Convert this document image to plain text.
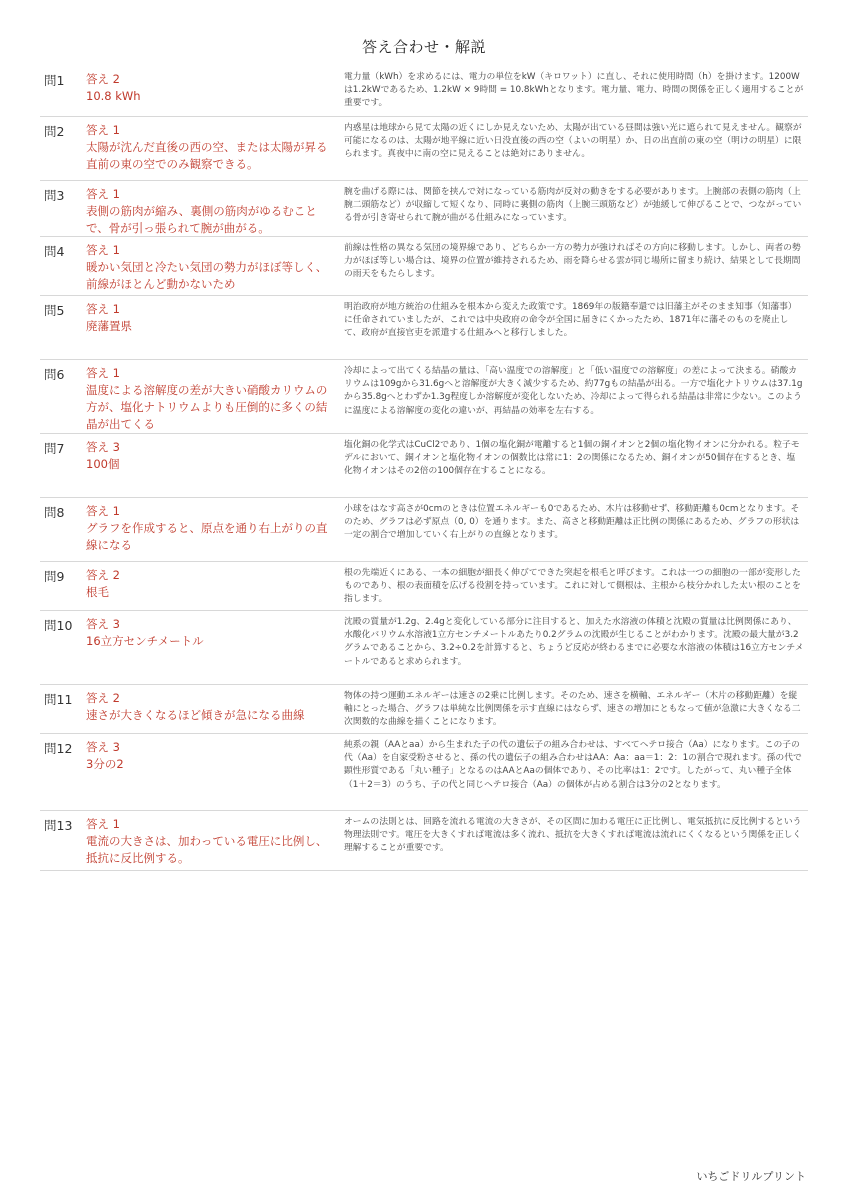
答え合わせ・解説
問1	答え 2
10.8 kWh
電力量（kWh）を求めるには、電力の単位をkW（キロワット）に直し、それに使用時間（h）を掛けます。1200Wは1.2kWであるため、1.2kW × 9時間 = 10.8kWhとなります。電力量、電力、時間の関係を正しく適用することが重要です。
問2	答え 1
太陽が沈んだ直後の西の空、または太陽が昇る直前の東の空でのみ観察できる。
内惑星は地球から見て太陽の近くにしか見えないため、太陽が出ている昼間は強い光に遮られて見えません。観察が可能になるのは、太陽が地平線に近い日没直後の西の空（よいの明星）か、日の出直前の東の空（明けの明星）に限られます。真夜中に南の空に見えることは絶対にありません。
問3	答え 1
表側の筋肉が縮み、裏側の筋肉がゆるむことで、骨が引っ張られて腕が曲がる。
腕を曲げる際には、関節を挟んで対になっている筋肉が反対の動きをする必要があります。上腕部の表側の筋肉（上腕二頭筋など）が収縮して短くなり、同時に裏側の筋肉（上腕三頭筋など）が弛緩して伸びることで、つながっている骨が引き寄せられて腕が曲がる仕組みになっています。
問4	答え 1
暖かい気団と冷たい気団の勢力がほぼ等しく、前線がほとんど動かないため
前線は性格の異なる気団の境界線であり、どちらか一方の勢力が強ければその方向に移動します。しかし、両者の勢力がほぼ等しい場合は、境界の位置が維持されるため、雨を降らせる雲が同じ場所に留まり続け、結果として長期間の雨天をもたらします。
問5	答え 1
廃藩置県
明治政府が地方統治の仕組みを根本から変えた政策です。1869年の版籍奉還では旧藩主がそのまま知事（知藩事）に任命されていましたが、これでは中央政府の命令が全国に届きにくかったため、1871年に藩そのものを廃止して、政府が直接官吏を派遣する仕組みへと移行しました。
問6	答え 1
温度による溶解度の差が大きい硝酸カリウムの方が、塩化ナトリウムよりも圧倒的に多くの結晶が出てくる
冷却によって出てくる結晶の量は、「高い温度での溶解度」と「低い温度での溶解度」の差によって決まる。硝酸カリウムは109gから31.6gへと溶解度が大きく減少するため、約77gもの結晶が出る。一方で塩化ナトリウムは37.1gから35.8gへとわずか1.3g程度しか溶解度が変化しないため、冷却によって得られる結晶は非常に少ない。このように温度による溶解度の変化の違いが、再結晶の効率を左右する。
問7	答え 3
100個
塩化銅の化学式はCuCl2であり、1個の塩化銅が電離すると1個の銅イオンと2個の塩化物イオンに分かれる。粒子モデルにおいて、銅イオンと塩化物イオンの個数比は常に1：2の関係になるため、銅イオンが50個存在するとき、塩化物イオンはその2倍の100個存在することになる。
問8	答え 1
グラフを作成すると、原点を通り右上がりの直線になる
小球をはなす高さが0cmのときは位置エネルギーも0であるため、木片は移動せず、移動距離も0cmとなります。そのため、グラフは必ず原点（0, 0）を通ります。また、高さと移動距離は正比例の関係にあるため、グラフの形状は一定の割合で増加していく右上がりの直線となります。
問9	答え 2
根毛
根の先端近くにある、一本の細胞が細長く伸びてできた突起を根毛と呼びます。これは一つの細胞の一部が変形したものであり、根の表面積を広げる役割を持っています。これに対して側根は、主根から枝分かれした太い根のことを指します。
問10	答え 3
16立方センチメートル
沈殿の質量が1.2g、2.4gと変化している部分に注目すると、加えた水溶液の体積と沈殿の質量は比例関係にあり、水酸化バリウム水溶液1立方センチメートルあたり0.2グラムの沈殿が生じることがわかります。沈殿の最大量が3.2グラムであることから、3.2÷0.2を計算すると、ちょうど反応が終わるまでに必要な水溶液の体積は16立方センチメートルであると求められます。
問11	答え 2
速さが大きくなるほど傾きが急になる曲線
物体の持つ運動エネルギーは速さの2乗に比例します。そのため、速さを横軸、エネルギー（木片の移動距離）を縦軸にとった場合、グラフは単純な比例関係を示す直線にはならず、速さの増加にともなって値が急激に大きくなる二次関数的な曲線を描くことになります。
問12	答え 3
3分の2
純系の親（AAとaa）から生まれた子の代の遺伝子の組み合わせは、すべてヘテロ接合（Aa）になります。この子の代（Aa）を自家受粉させると、孫の代の遺伝子の組み合わせはAA：Aa：aa＝1：2：1の割合で現れます。孫の代で顕性形質である「丸い種子」となるのはAAとAaの個体であり、その比率は1：2です。したがって、丸い種子全体（1＋2＝3）のうち、子の代と同じヘテロ接合（Aa）の個体が占める割合は3分の2となります。
問13	答え 1
電流の大きさは、加わっている電圧に比例し、抵抗に反比例する。
オームの法則とは、回路を流れる電流の大きさが、その区間に加わる電圧に正比例し、電気抵抗に反比例するという物理法則です。電圧を大きくすれば電流は多く流れ、抵抗を大きくすれば電流は流れにくくなるという関係を正しく理解することが重要です。
いちごドリルプリント
